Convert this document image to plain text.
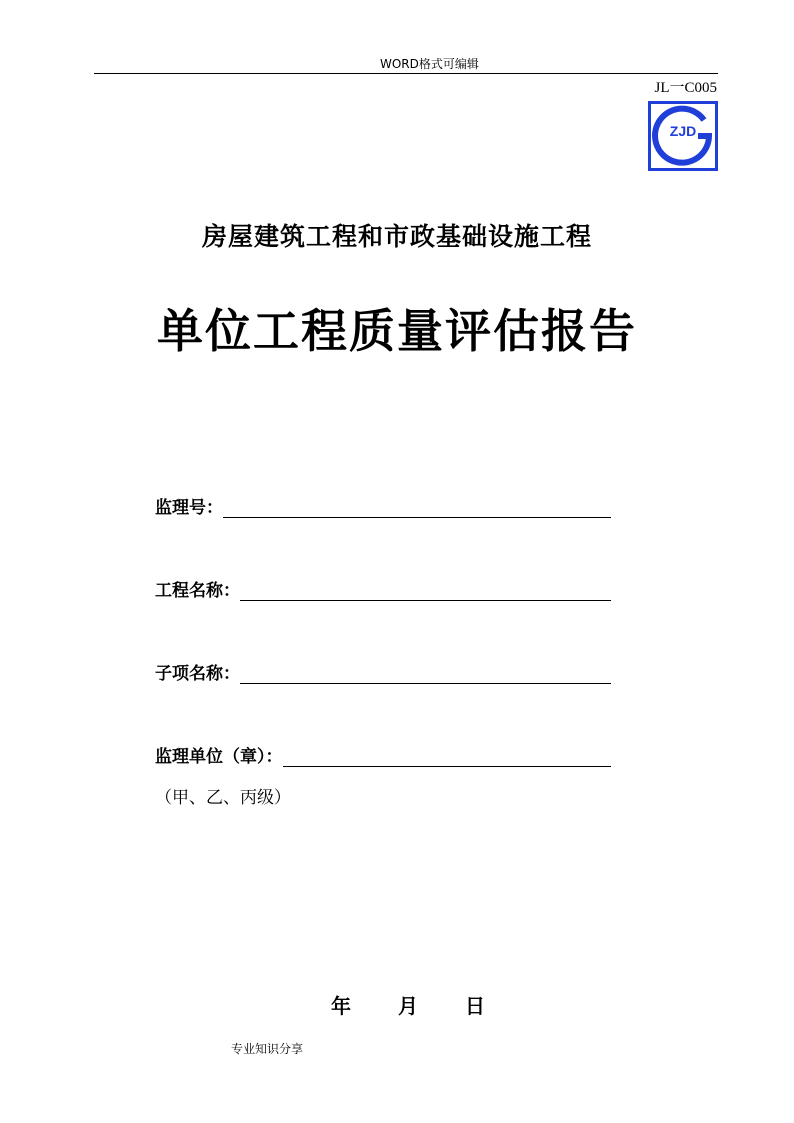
WORD格式可编辑
JL一C005
ZJD
房屋建筑工程和市政基础设施工程
单位工程质量评估报告
监理号：
工程名称：
子项名称：
监理单位（章）：
（甲、乙、丙级）
年 月 日
专业知识分享
